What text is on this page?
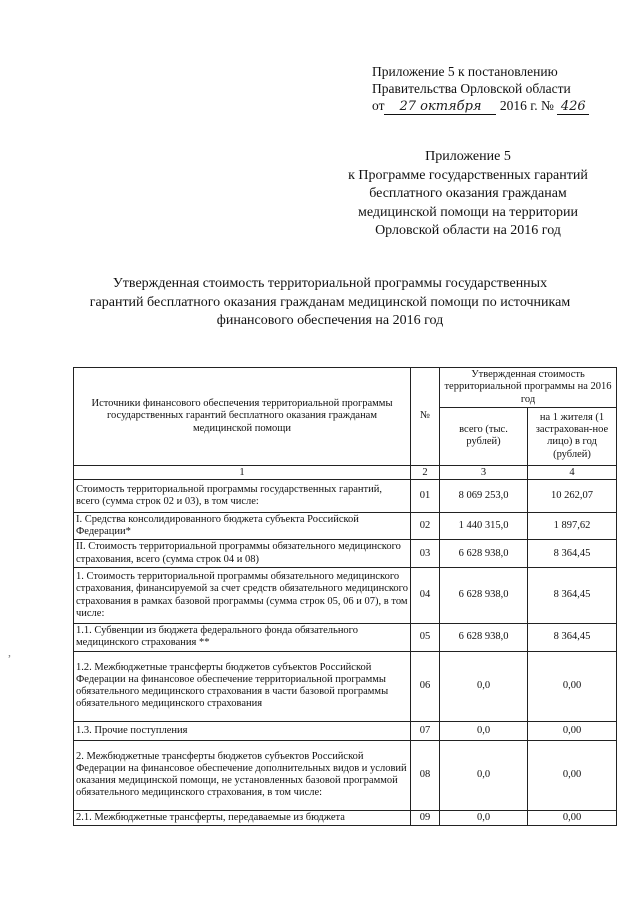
Приложение 5 к постановлению
Правительства Орловской области
от 27 октября 2016 г. № 426
Приложение 5
к Программе государственных гарантий
бесплатного оказания гражданам
медицинской помощи на территории
Орловской области на 2016 год
Утвержденная стоимость территориальной программы государственных
гарантий бесплатного оказания гражданам медицинской помощи по источникам
финансового обеспечения на 2016 год
,
Источники финансового обеспечения территориальной программы государственных гарантий бесплатного оказания гражданам медицинской помощи	№	Утвержденная стоимость территориальной программы на 2016 год	
		всего (тыс. рублей)	на 1 жителя (1 застрахован-ное лицо) в год (рублей)
1	2	3	4
Стоимость территориальной программы государственных гарантий, всего (сумма строк 02 и 03), в том числе:	01	8 069 253,0	10 262,07
I. Средства консолидированного бюджета субъекта Российской Федерации*	02	1 440 315,0	1 897,62
II. Стоимость территориальной программы обязательного медицинского страхования, всего (сумма строк 04 и 08)	03	6 628 938,0	8 364,45
1. Стоимость территориальной программы обязательного медицинского страхования, финансируемой за счет средств обязательного медицинского страхования в рамках базовой программы (сумма строк 05, 06 и 07), в том числе:	04	6 628 938,0	8 364,45
1.1. Субвенции из бюджета федерального фонда обязательного медицинского страхования **	05	6 628 938,0	8 364,45
1.2. Межбюджетные трансферты бюджетов субъектов Российской Федерации на финансовое обеспечение территориальной программы обязательного медицинского страхования в части базовой программы обязательного медицинского страхования	06	0,0	0,00
1.3. Прочие поступления	07	0,0	0,00
2. Межбюджетные трансферты бюджетов субъектов Российской Федерации на финансовое обеспечение дополнительных видов и условий оказания медицинской помощи, не установленных базовой программой обязательного медицинского страхования, в том числе:	08	0,0	0,00
2.1. Межбюджетные трансферты, передаваемые из бюджета	09	0,0	0,00
